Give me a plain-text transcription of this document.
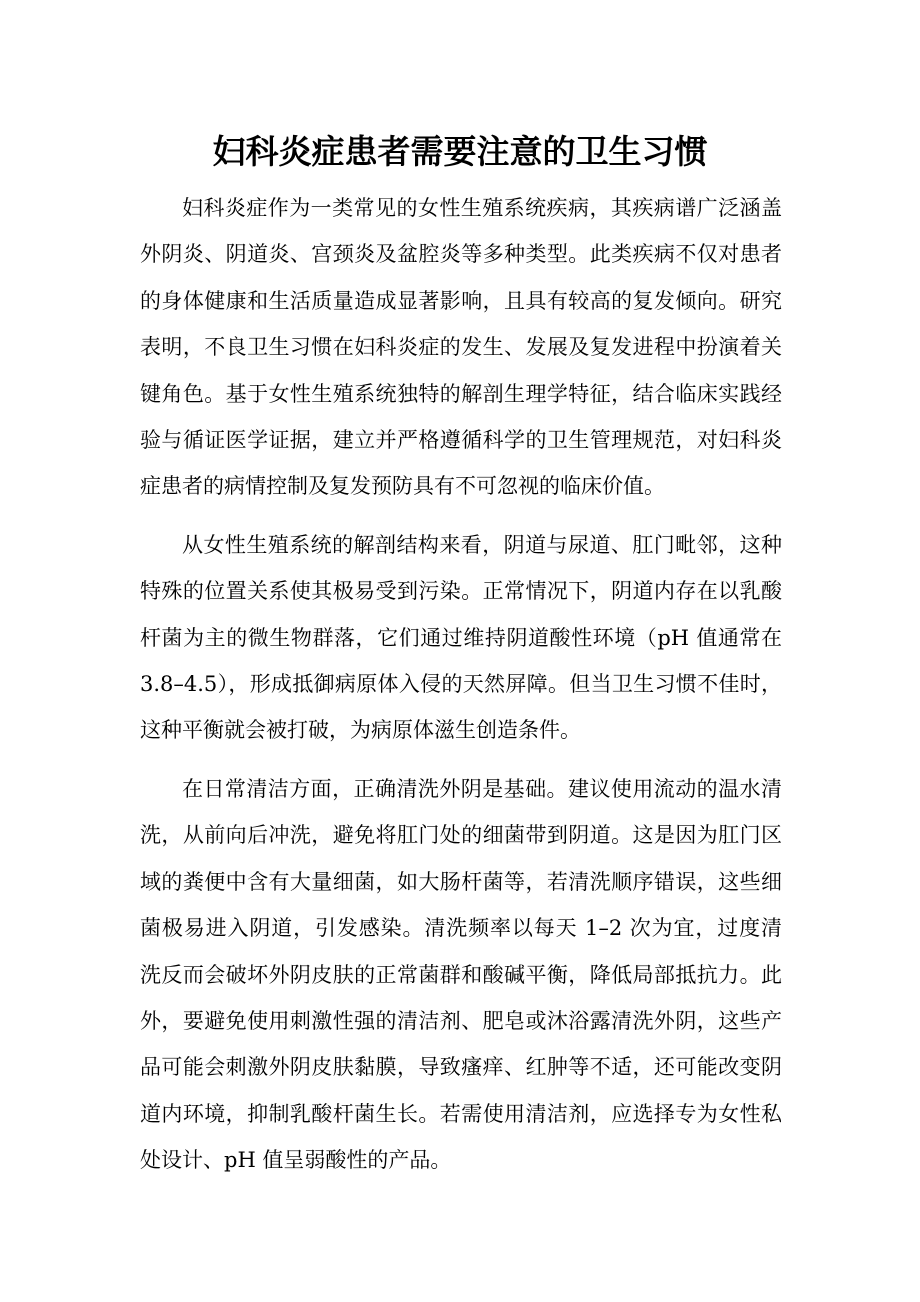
妇科炎症患者需要注意的卫生习惯

妇科炎症作为一类常见的女性生殖系统疾病，其疾病谱广泛涵盖
外阴炎、阴道炎、宫颈炎及盆腔炎等多种类型。此类疾病不仅对患者
的身体健康和生活质量造成显著影响，且具有较高的复发倾向。研究
表明，不良卫生习惯在妇科炎症的发生、发展及复发进程中扮演着关
键角色。基于女性生殖系统独特的解剖生理学特征，结合临床实践经
验与循证医学证据，建立并严格遵循科学的卫生管理规范，对妇科炎
症患者的病情控制及复发预防具有不可忽视的临床价值。

从女性生殖系统的解剖结构来看，阴道与尿道、肛门毗邻，这种
特殊的位置关系使其极易受到污染。正常情况下，阴道内存在以乳酸
杆菌为主的微生物群落，它们通过维持阴道酸性环境（pH 值通常在
3.8–4.5），形成抵御病原体入侵的天然屏障。但当卫生习惯不佳时，
这种平衡就会被打破，为病原体滋生创造条件。

在日常清洁方面，正确清洗外阴是基础。建议使用流动的温水清
洗，从前向后冲洗，避免将肛门处的细菌带到阴道。这是因为肛门区
域的粪便中含有大量细菌，如大肠杆菌等，若清洗顺序错误，这些细
菌极易进入阴道，引发感染。清洗频率以每天 1–2 次为宜，过度清
洗反而会破坏外阴皮肤的正常菌群和酸碱平衡，降低局部抵抗力。此
外，要避免使用刺激性强的清洁剂、肥皂或沐浴露清洗外阴，这些产
品可能会刺激外阴皮肤黏膜，导致瘙痒、红肿等不适，还可能改变阴
道内环境，抑制乳酸杆菌生长。若需使用清洁剂，应选择专为女性私
处设计、pH 值呈弱酸性的产品。
